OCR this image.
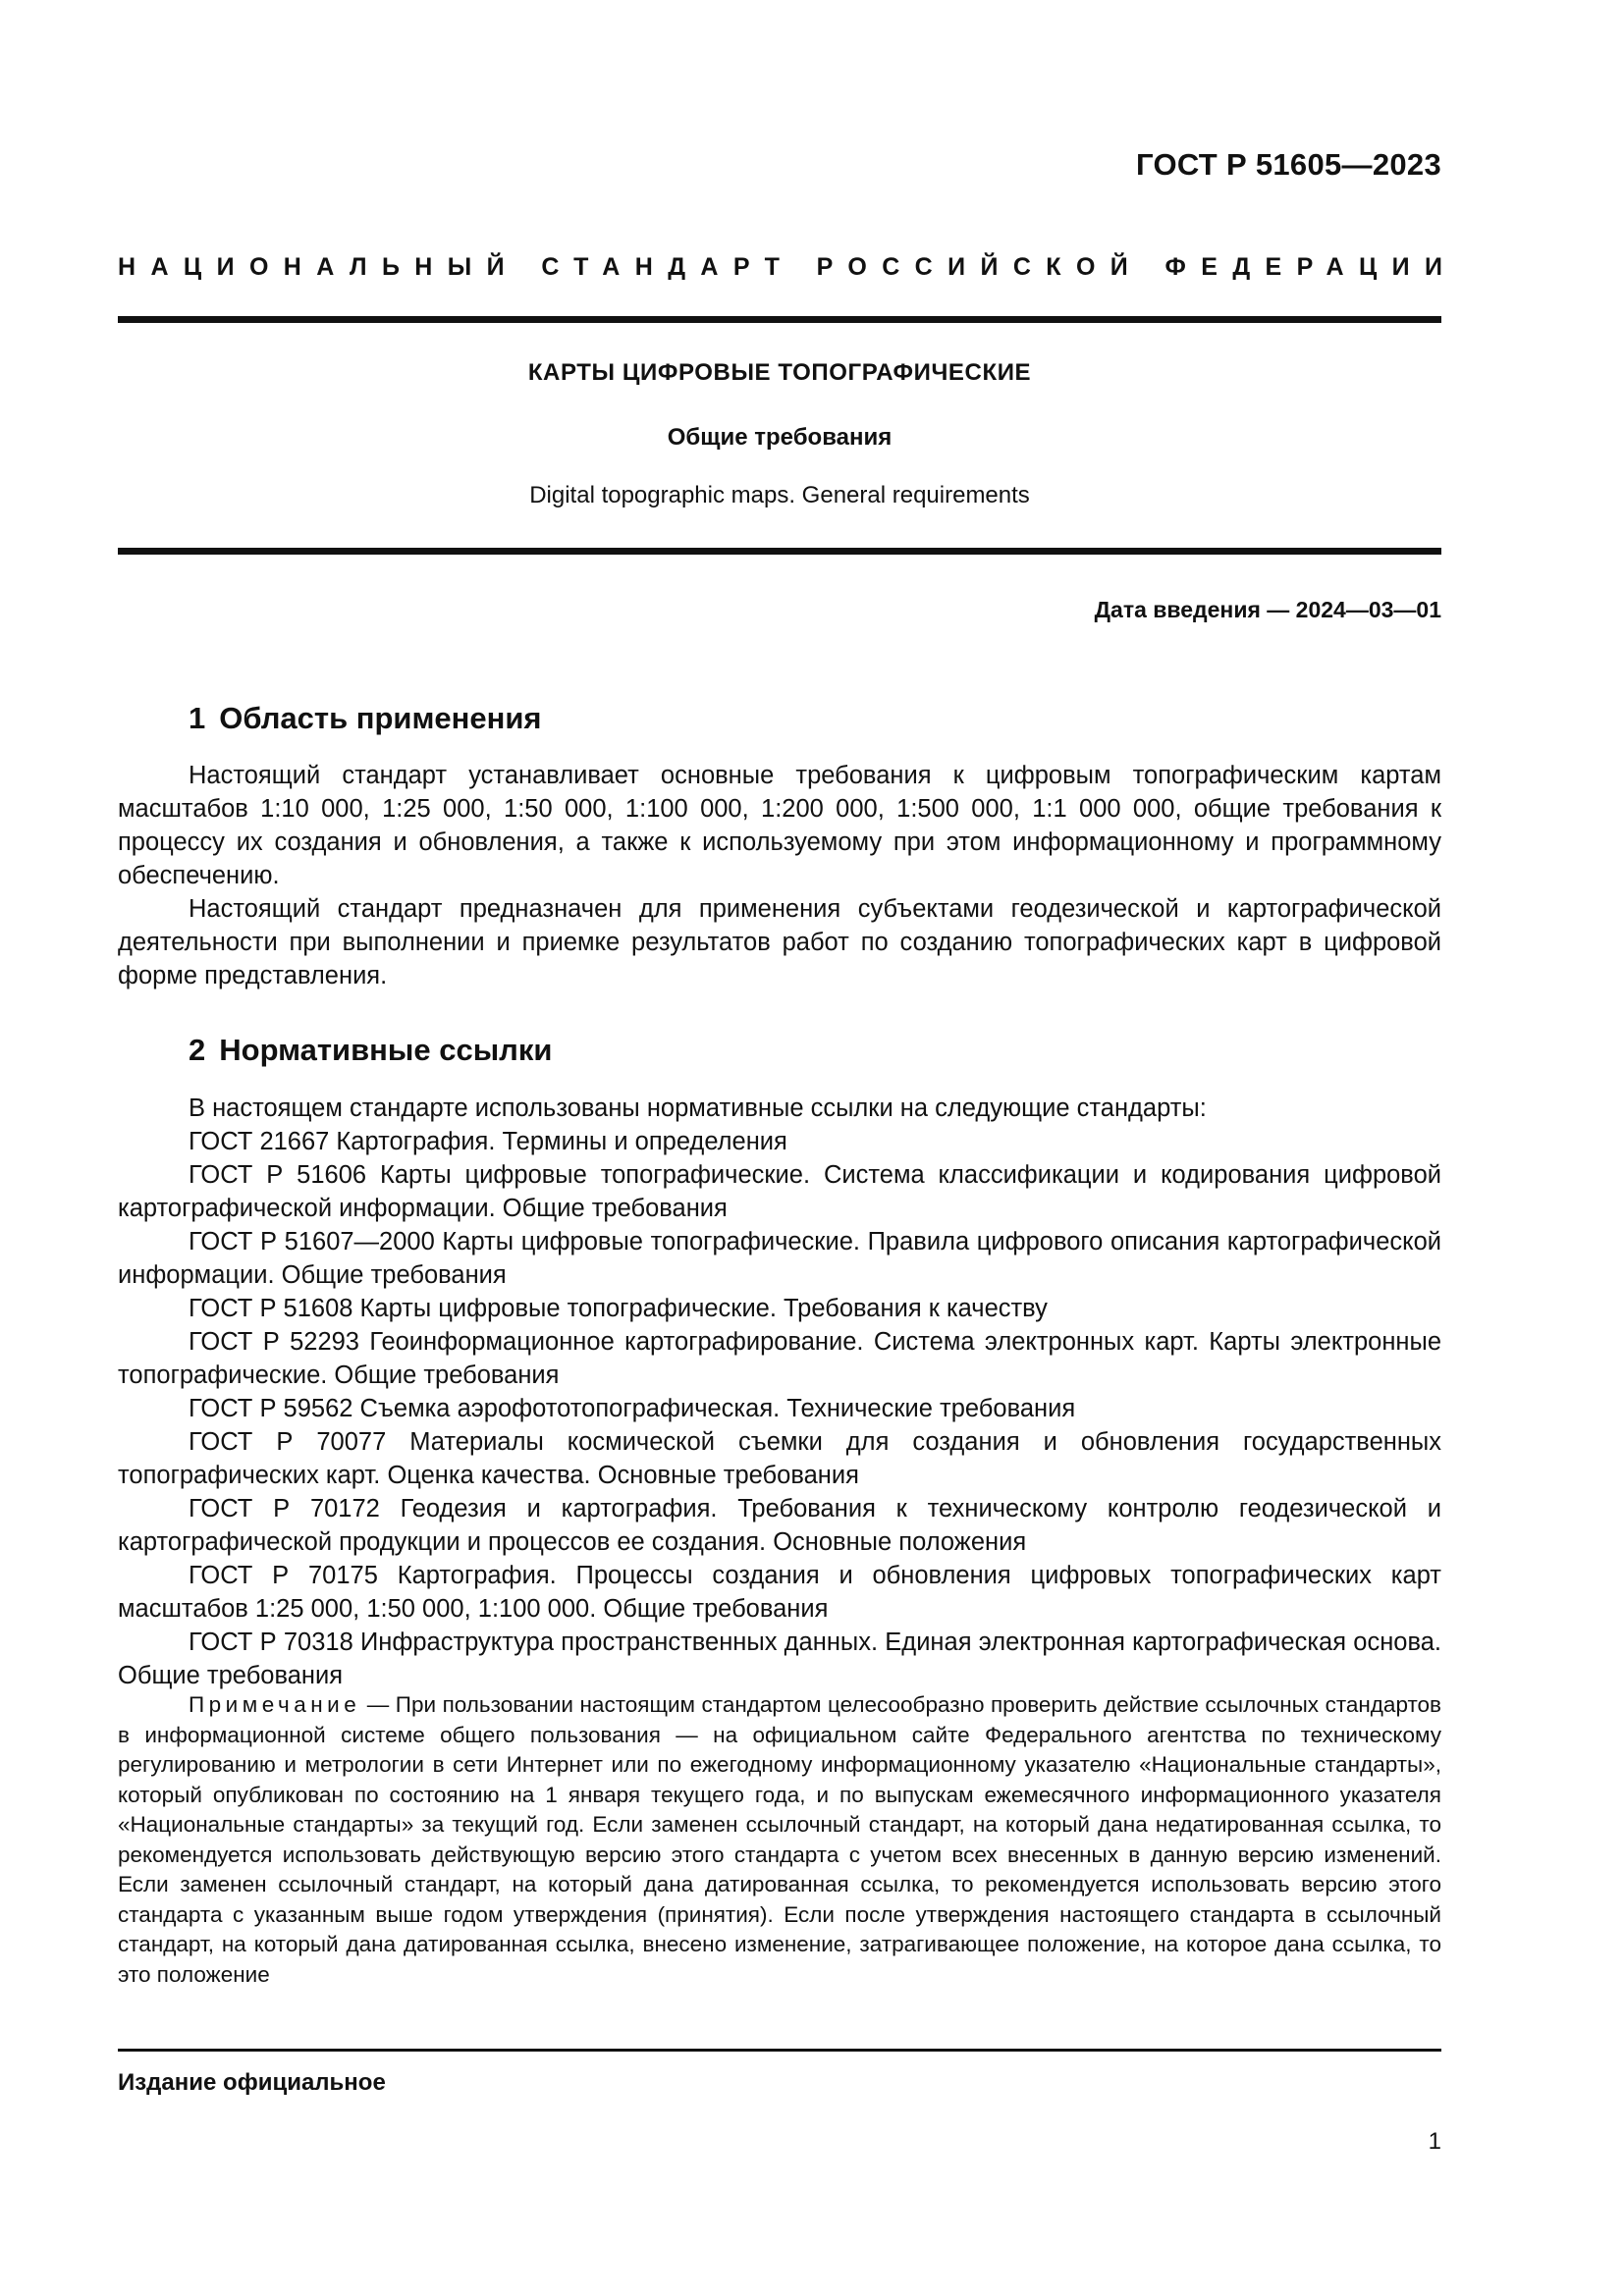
ГОСТ Р 51605—2023
НАЦИОНАЛЬНЫЙ СТАНДАРТ РОССИЙСКОЙ ФЕДЕРАЦИИ
КАРТЫ ЦИФРОВЫЕ ТОПОГРАФИЧЕСКИЕ
Общие требования
Digital topographic maps. General requirements
Дата введения — 2024—03—01
1 Область применения

Настоящий стандарт устанавливает основные требования к цифровым топографическим картам масштабов 1:10 000, 1:25 000, 1:50 000, 1:100 000, 1:200 000, 1:500 000, 1:1 000 000, общие требования к процессу их создания и обновления, а также к используемому при этом информационному и программному обеспечению.

Настоящий стандарт предназначен для применения субъектами геодезической и картографической деятельности при выполнении и приемке результатов работ по созданию топографических карт в цифровой форме представления.

2 Нормативные ссылки

В настоящем стандарте использованы нормативные ссылки на следующие стандарты:

ГОСТ 21667 Картография. Термины и определения

ГОСТ Р 51606 Карты цифровые топографические. Система классификации и кодирования цифровой картографической информации. Общие требования

ГОСТ Р 51607—2000 Карты цифровые топографические. Правила цифрового описания картографической информации. Общие требования

ГОСТ Р 51608 Карты цифровые топографические. Требования к качеству

ГОСТ Р 52293 Геоинформационное картографирование. Система электронных карт. Карты электронные топографические. Общие требования

ГОСТ Р 59562 Съемка аэрофототопографическая. Технические требования

ГОСТ Р 70077 Материалы космической съемки для создания и обновления государственных топографических карт. Оценка качества. Основные требования

ГОСТ Р 70172 Геодезия и картография. Требования к техническому контролю геодезической и картографической продукции и процессов ее создания. Основные положения

ГОСТ Р 70175 Картография. Процессы создания и обновления цифровых топографических карт масштабов 1:25 000, 1:50 000, 1:100 000. Общие требования

ГОСТ Р 70318 Инфраструктура пространственных данных. Единая электронная картографическая основа. Общие требования

Примечание — При пользовании настоящим стандартом целесообразно проверить действие ссылочных стандартов в информационной системе общего пользования — на официальном сайте Федерального агентства по техническому регулированию и метрологии в сети Интернет или по ежегодному информационному указателю «Национальные стандарты», который опубликован по состоянию на 1 января текущего года, и по выпускам ежемесячного информационного указателя «Национальные стандарты» за текущий год. Если заменен ссылочный стандарт, на который дана недатированная ссылка, то рекомендуется использовать действующую версию этого стандарта с учетом всех внесенных в данную версию изменений. Если заменен ссылочный стандарт, на который дана датированная ссылка, то рекомендуется использовать версию этого стандарта с указанным выше годом утверждения (принятия). Если после утверждения настоящего стандарта в ссылочный стандарт, на который дана датированная ссылка, внесено изменение, затрагивающее положение, на которое дана ссылка, то это положение

Издание официальное
1
